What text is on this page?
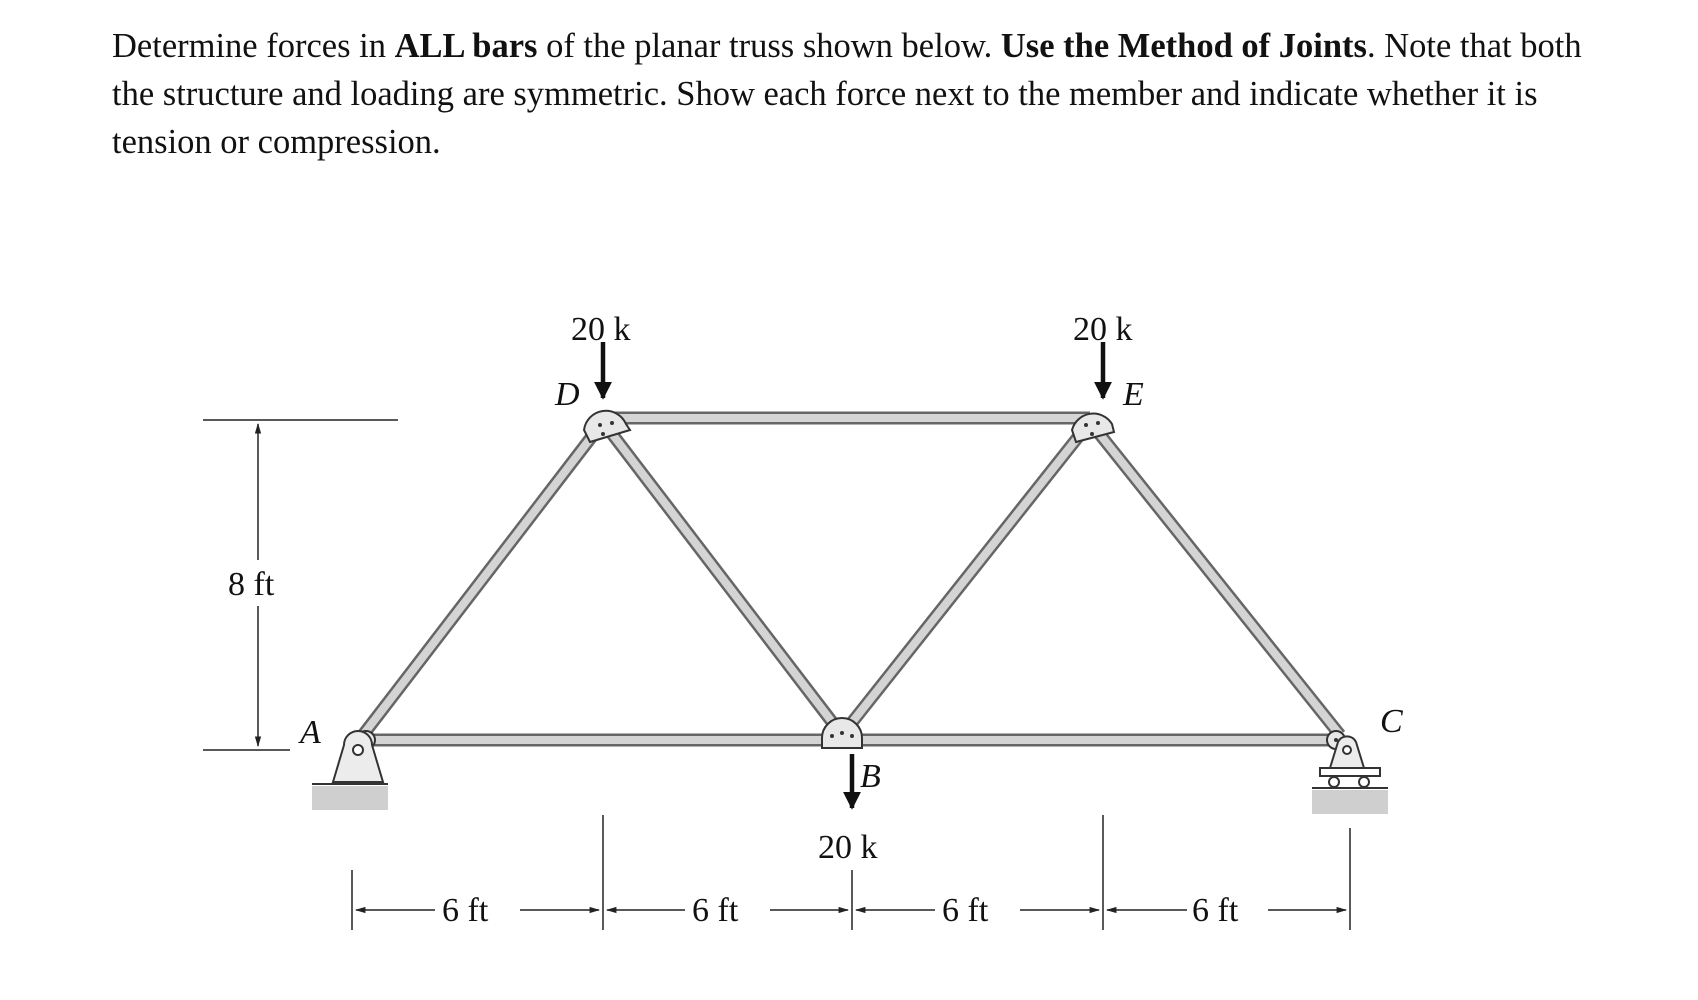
Determine forces in ALL bars of the planar truss shown below. Use the Method of Joints. Note that both the structure and loading are symmetric. Show each force next to the member and indicate whether it is tension or compression.
20 k	20 k
20 k
D	E
B
A	C
8 ft
6 ft	6 ft	6 ft	6 ft
